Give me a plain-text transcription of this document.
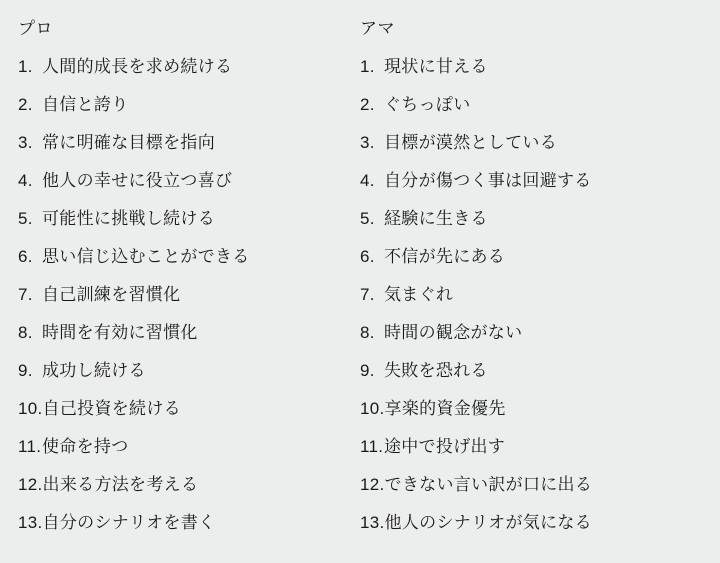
プロ
1. 人間的成長を求め続ける
2. 自信と誇り
3. 常に明確な目標を指向
4. 他人の幸せに役立つ喜び
5. 可能性に挑戦し続ける
6. 思い信じ込むことができる
7. 自己訓練を習慣化
8. 時間を有効に習慣化
9. 成功し続ける
10. 自己投資を続ける
11. 使命を持つ
12. 出来る方法を考える
13. 自分のシナリオを書く
アマ
1. 現状に甘える
2. ぐちっぽい
3. 目標が漠然としている
4. 自分が傷つく事は回避する
5. 経験に生きる
6. 不信が先にある
7. 気まぐれ
8. 時間の観念がない
9. 失敗を恐れる
10. 享楽的資金優先
11. 途中で投げ出す
12. できない言い訳が口に出る
13. 他人のシナリオが気になる
